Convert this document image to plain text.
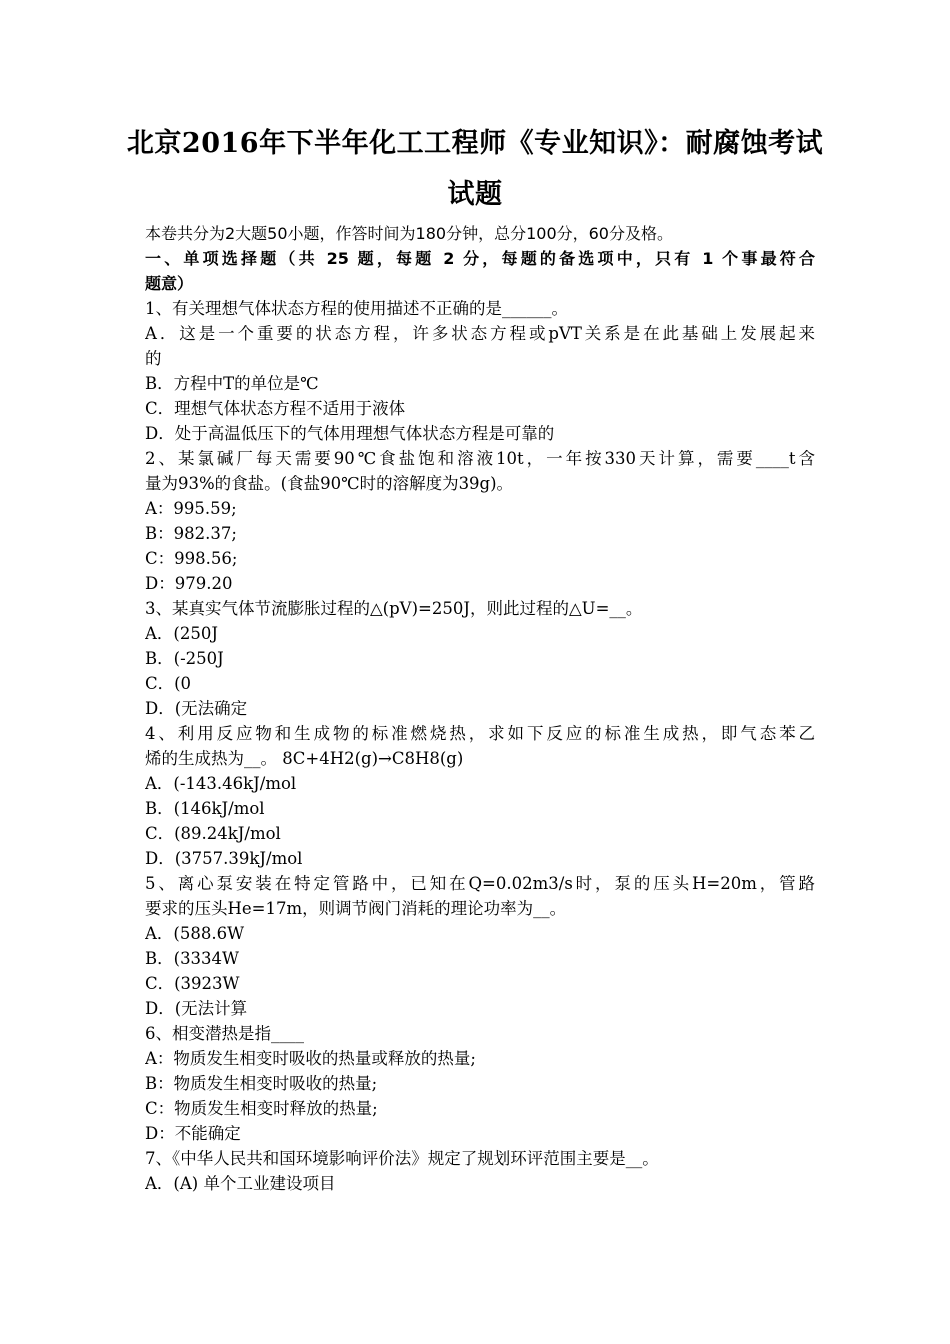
北京2016年下半年化工工程师《专业知识》：耐腐蚀考试
试题
本卷共分为2大题50小题，作答时间为180分钟，总分100分，60分及格。
一、单项选择题（共 25 题，每题 2 分，每题的备选项中，只有 1 个事最符合
题意）
1、有关理想气体状态方程的使用描述不正确的是______。
A．这是一个重要的状态方程，许多状态方程或pVT关系是在此基础上发展起来
的
B．方程中T的单位是℃
C．理想气体状态方程不适用于液体
D．处于高温低压下的气体用理想气体状态方程是可靠的
2、某氯碱厂每天需要90℃食盐饱和溶液10t，一年按330天计算，需要____t含
量为93%的食盐。(食盐90℃时的溶解度为39g)。
A：995.59;
B：982.37;
C：998.56;
D：979.20
3、某真实气体节流膨胀过程的△(pV)=250J，则此过程的△U=__。
A．(250J
B．(-250J
C．(0
D．(无法确定
4、利用反应物和生成物的标准燃烧热，求如下反应的标准生成热，即气态苯乙
烯的生成热为__。 8C+4H2(g)→C8H8(g)
A．(-143.46kJ/mol
B．(146kJ/mol
C．(89.24kJ/mol
D．(3757.39kJ/mol
5、离心泵安装在特定管路中，已知在Q=0.02m3/s时，泵的压头H=20m，管路
要求的压头He=17m，则调节阀门消耗的理论功率为__。
A．(588.6W
B．(3334W
C．(3923W
D．(无法计算
6、相变潜热是指____
A：物质发生相变时吸收的热量或释放的热量;
B：物质发生相变时吸收的热量;
C：物质发生相变时释放的热量;
D：不能确定
7、《中华人民共和国环境影响评价法》规定了规划环评范围主要是__。
A．(A) 单个工业建设项目
